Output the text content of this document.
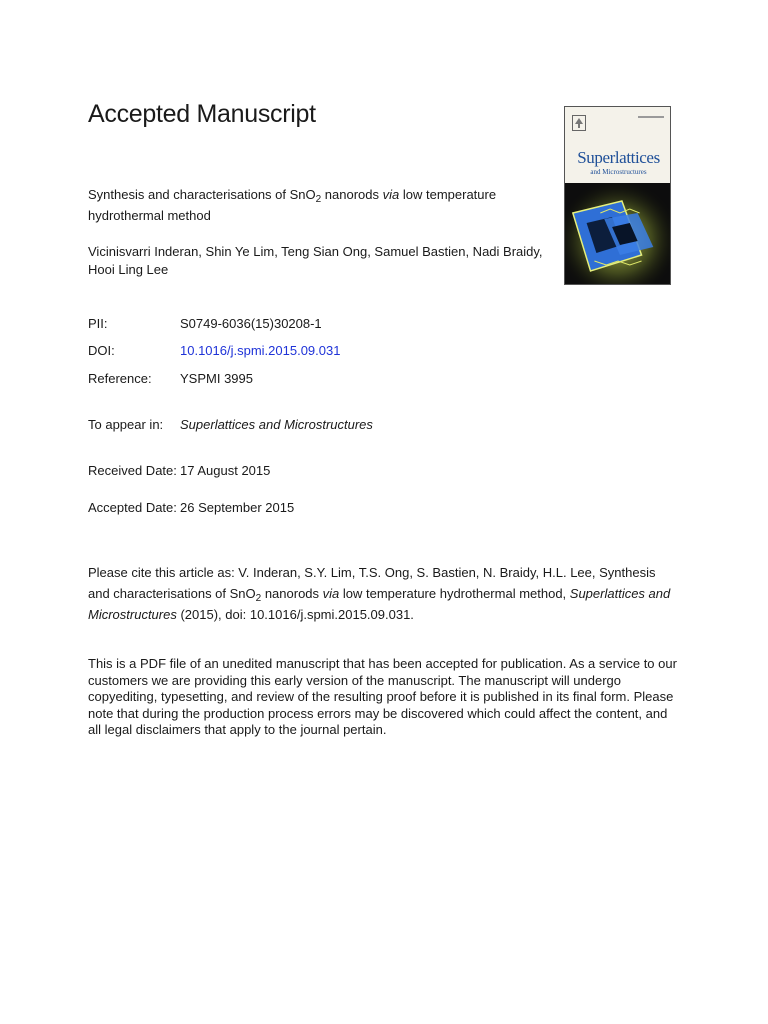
Accepted Manuscript
Synthesis and characterisations of SnO$_2$ nanorods via low temperature hydrothermal method
Vicinisvarri Inderan, Shin Ye Lim, Teng Sian Ong, Samuel Bastien, Nadi Braidy, Hooi Ling Lee
PII:	S0749-6036(15)30208-1
DOI:	10.1016/j.spmi.2015.09.031
Reference: YSPMI 3995
To appear in: Superlattices and Microstructures
Received Date: 17 August 2015
Accepted Date: 26 September 2015
Please cite this article as: V. Inderan, S.Y. Lim, T.S. Ong, S. Bastien, N. Braidy, H.L. Lee, Synthesis and characterisations of SnO$_2$ nanorods via low temperature hydrothermal method, Superlattices and Microstructures (2015), doi: 10.1016/j.spmi.2015.09.031.
This is a PDF file of an unedited manuscript that has been accepted for publication. As a service to our customers we are providing this early version of the manuscript. The manuscript will undergo copyediting, typesetting, and review of the resulting proof before it is published in its final form. Please note that during the production process errors may be discovered which could affect the content, and all legal disclaimers that apply to the journal pertain.
Superlattices
and Microstructures
